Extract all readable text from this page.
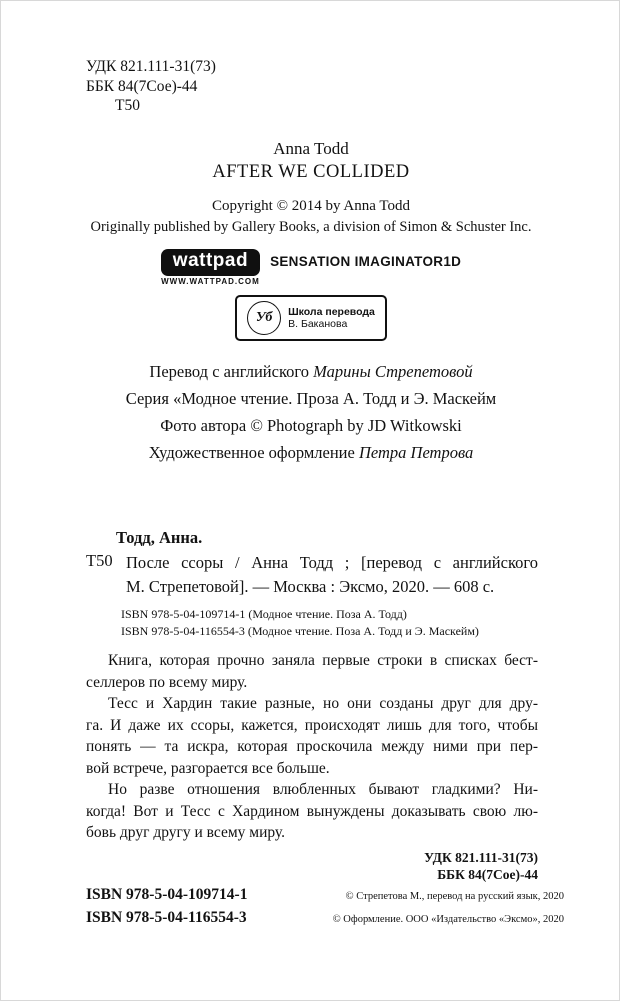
УДК 821.111-31(73)
ББК 84(7Сое)-44
Т50
Anna Todd
AFTER WE COLLIDED
Copyright © 2014 by Anna Todd
Originally published by Gallery Books, a division of Simon & Schuster Inc.
wattpad
WWW.WATTPAD.COM
SENSATION IMAGINATOR1D
Уб	Школа перевода
В. Баканова
Перевод с английского Марины Стрепетовой
Серия «Модное чтение. Проза А. Тодд и Э. Маскейм
Фото автора © Photograph by JD Witkowski
Художественное оформление Петра Петрова
Тодд, Анна.
Т50 После ссоры / Анна Тодд ; [перевод с английского
М. Стрепетовой]. — Москва : Эксмо, 2020. — 608 с.
ISBN 978-5-04-109714-1 (Модное чтение. Поза А. Тодд)
ISBN 978-5-04-116554-3 (Модное чтение. Поза А. Тодд и Э. Маскейм)
Книга, которая прочно заняла первые строки в списках бест-
селлеров по всему миру.
Тесс и Хардин такие разные, но они созданы друг для дру-
га. И даже их ссоры, кажется, происходят лишь для того, чтобы
понять — та искра, которая проскочила между ними при пер-
вой встрече, разгорается все больше.
Но разве отношения влюбленных бывают гладкими? Ни-
когда! Вот и Тесс с Хардином вынуждены доказывать свою лю-
бовь друг другу и всему миру.
УДК 821.111-31(73)
ББК 84(7Сое)-44
ISBN 978-5-04-109714-1	© Стрепетова М., перевод на русский язык, 2020
ISBN 978-5-04-116554-3	© Оформление. ООО «Издательство «Эксмо», 2020
